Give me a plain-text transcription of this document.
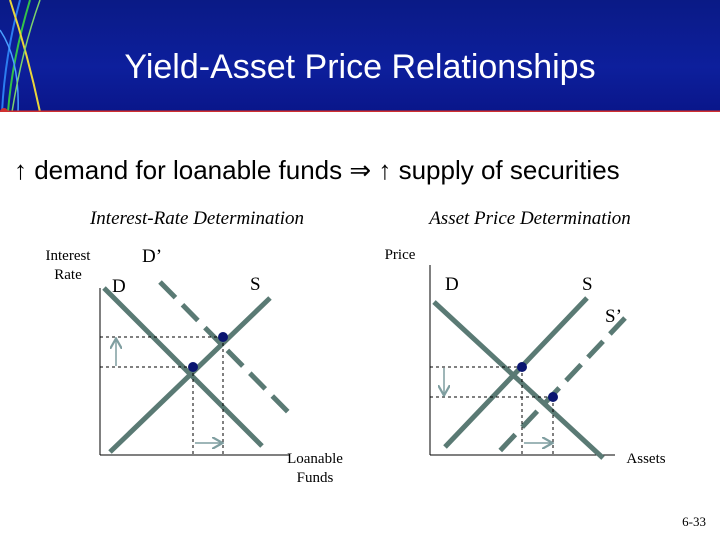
Yield-Asset Price Relationships
↑ demand for loanable funds ⇒ ↑ supply of securities
Interest-Rate Determination	Asset Price Determination
Interest
Rate
Loanable
Funds
D
D’
S
Price
Assets
D	S
S’
6-33
